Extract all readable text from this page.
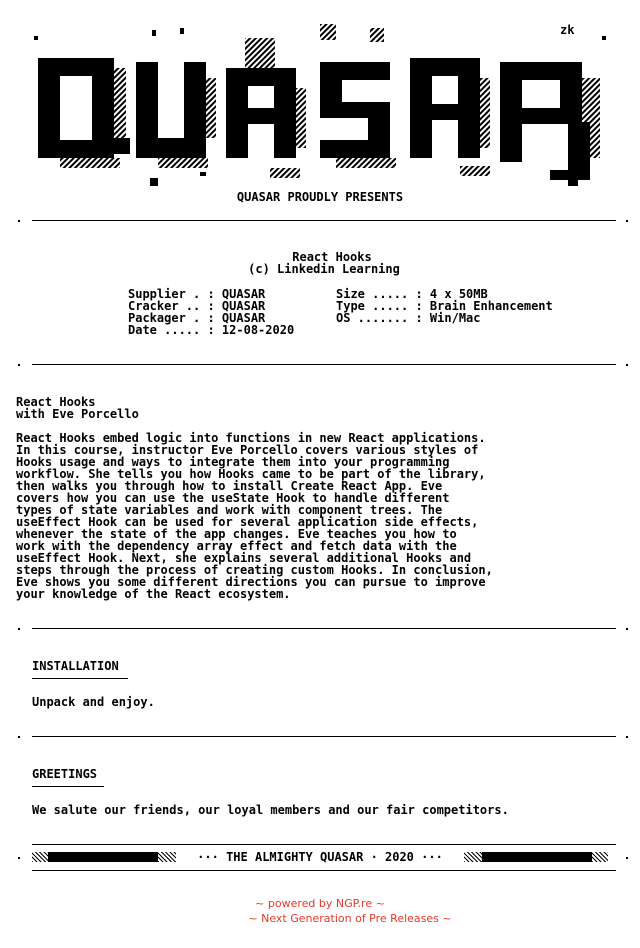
zk
QUASAR PROUDLY PRESENTS
React Hooks
(c) Linkedin Learning
Supplier . : QUASAR
Cracker .. : QUASAR
Packager . : QUASAR
Date ..... : 12-08-2020
Size ..... : 4 x 50MB
Type ..... : Brain Enhancement
OS ....... : Win/Mac
React Hooks
with Eve Porcello
React Hooks embed logic into functions in new React applications.
In this course, instructor Eve Porcello covers various styles of
Hooks usage and ways to integrate them into your programming
workflow. She tells you how Hooks came to be part of the library,
then walks you through how to install Create React App. Eve
covers how you can use the useState Hook to handle different
types of state variables and work with component trees. The
useEffect Hook can be used for several application side effects,
whenever the state of the app changes. Eve teaches you how to
work with the dependency array effect and fetch data with the
useEffect Hook. Next, she explains several additional Hooks and
steps through the process of creating custom Hooks. In conclusion,
Eve shows you some different directions you can pursue to improve
your knowledge of the React ecosystem.
INSTALLATION
Unpack and enjoy.
GREETINGS
We salute our friends, our loyal members and our fair competitors.
··· THE ALMIGHTY QUASAR · 2020 ···
~ powered by NGP.re ~
~ Next Generation of Pre Releases ~
